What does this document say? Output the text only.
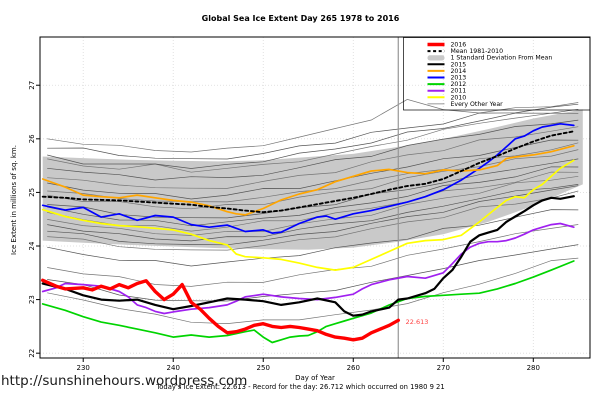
230	240	250	260	270	280
22
23
24
25
26
27
22.613
2016
Mean 1981-2010
1 Standard Deviation From Mean
2015
2014
2013
2012
2011
2010
Every Other Year
Global Sea Ice Extent Day 265 1978 to 2016
Ice Extent in millions of sq. km.
Day of Year
Today's Ice Extent: 22.613 - Record for the day: 26.712 which occurred on 1980 9 21
http://sunshinehours.wordpress.com
